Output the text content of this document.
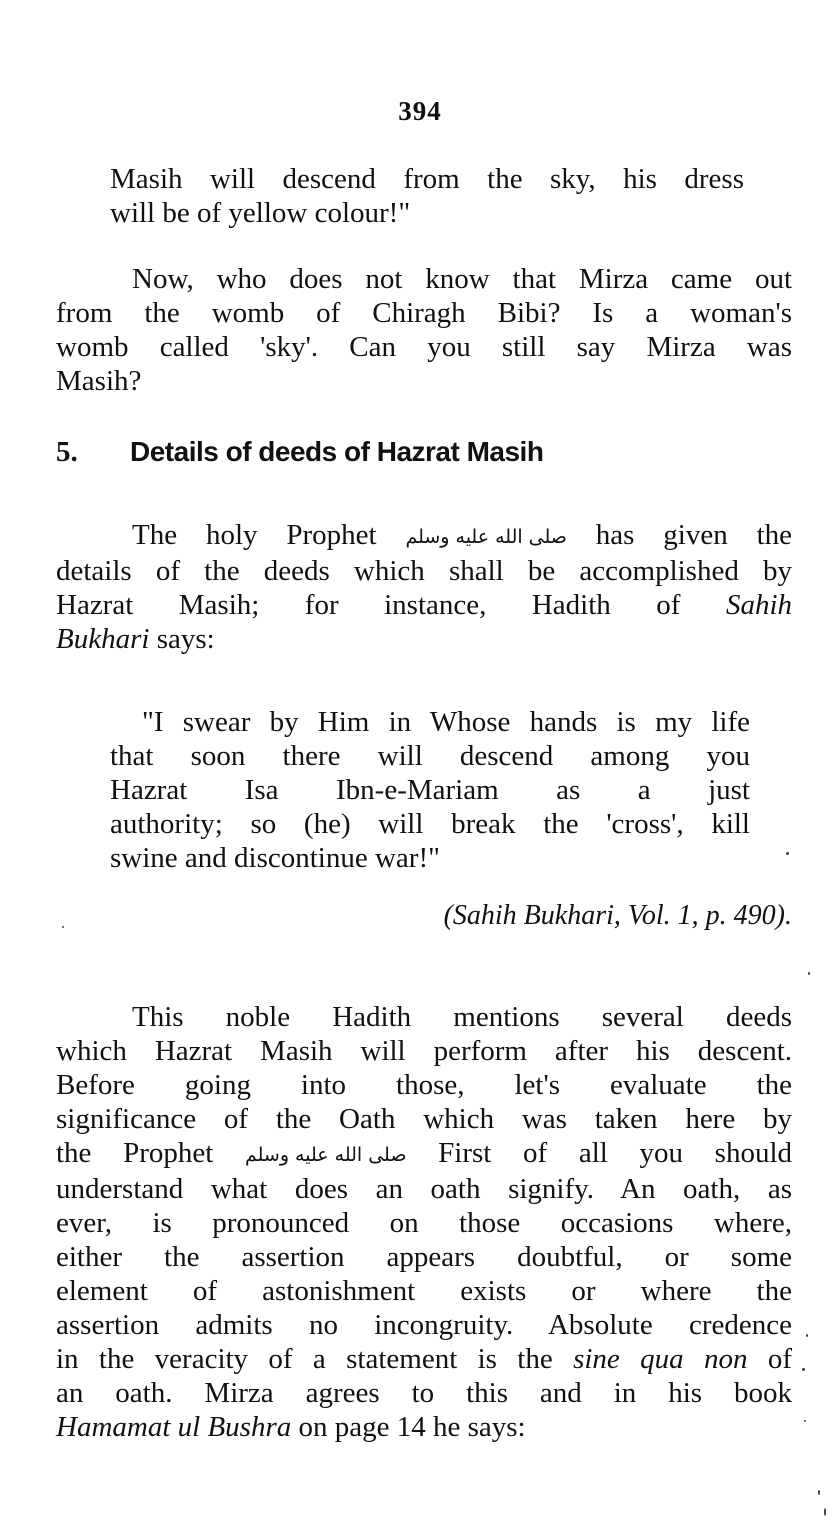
394
Masih will descend from the sky, his dress
will be of yellow colour!"
Now, who does not know that Mirza came out
from the womb of Chiragh Bibi? Is a woman's
womb called 'sky'. Can you still say Mirza was
Masih?
5. Details of deeds of Hazrat Masih
The holy Prophet صلى الله عليه وسلم has given the
details of the deeds which shall be accomplished by
Hazrat Masih; for instance, Hadith of Sahih
Bukhari says:
"I swear by Him in Whose hands is my life
that soon there will descend among you
Hazrat Isa Ibn-e-Mariam as a just
authority; so (he) will break the 'cross', kill
swine and discontinue war!"
(Sahih Bukhari, Vol. 1, p. 490).
This noble Hadith mentions several deeds
which Hazrat Masih will perform after his descent.
Before going into those, let's evaluate the
significance of the Oath which was taken here by
the Prophet صلى الله عليه وسلم First of all you should
understand what does an oath signify. An oath, as
ever, is pronounced on those occasions where,
either the assertion appears doubtful, or some
element of astonishment exists or where the
assertion admits no incongruity. Absolute credence
in the veracity of a statement is the sine qua non of
an oath. Mirza agrees to this and in his book
Hamamat ul Bushra on page 14 he says:
